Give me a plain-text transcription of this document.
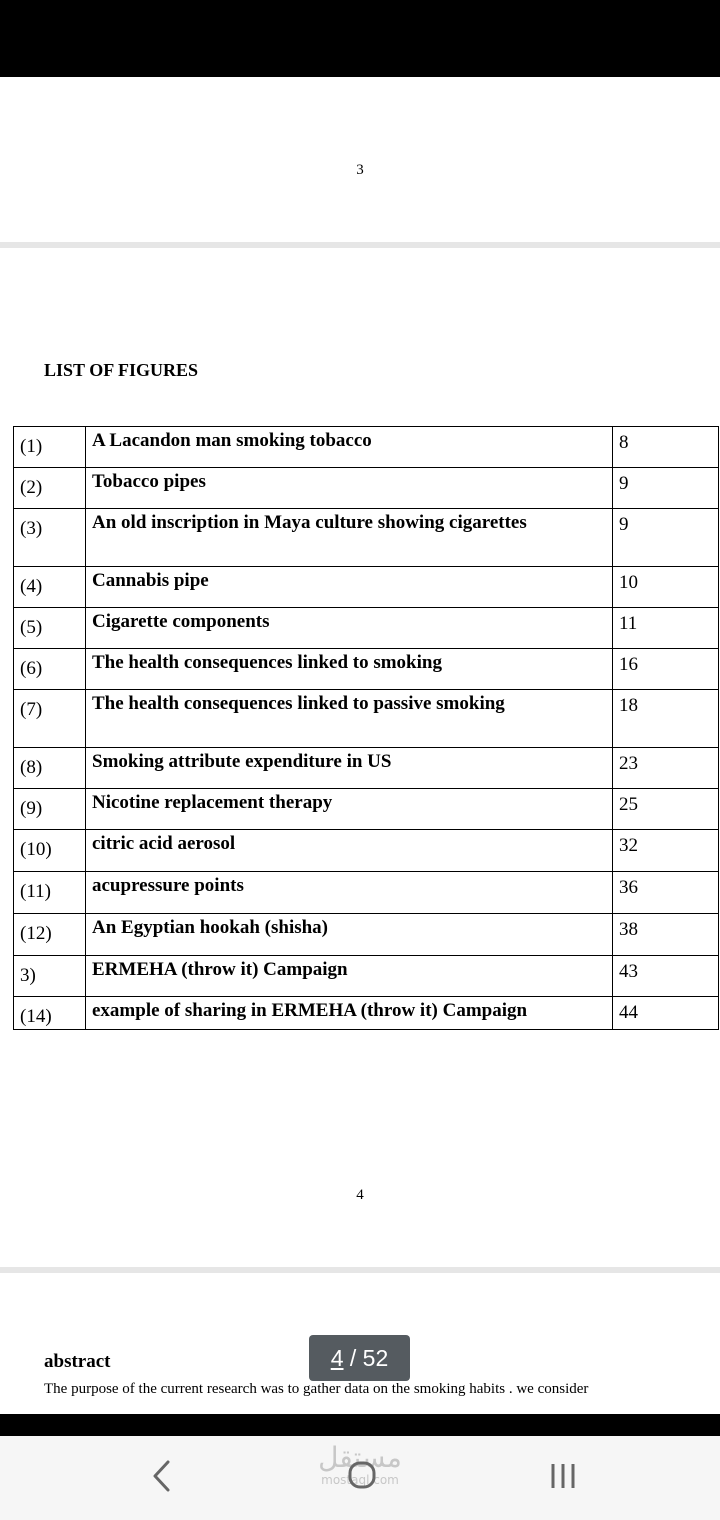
3
LIST OF FIGURES
(1)	A Lacandon man smoking tobacco	8
(2)	Tobacco pipes	9
(3)	An old inscription in Maya culture showing cigarettes	9
(4)	Cannabis pipe	10
(5)	Cigarette components	11
(6)	The health consequences linked to smoking	16
(7)	The health consequences linked to passive smoking	18
(8)	Smoking attribute expenditure in US	23
(9)	Nicotine replacement therapy	25
(10)	citric acid aerosol	32
(11)	acupressure points	36
(12)	An Egyptian hookah (shisha)	38
3)	ERMEHA (throw it) Campaign	43
(14)	example of sharing in ERMEHA (throw it) Campaign	44
4
abstract
The purpose of the current research was to gather data on the smoking habits . we consider
4 / 52
مستقل
mostaql.com
